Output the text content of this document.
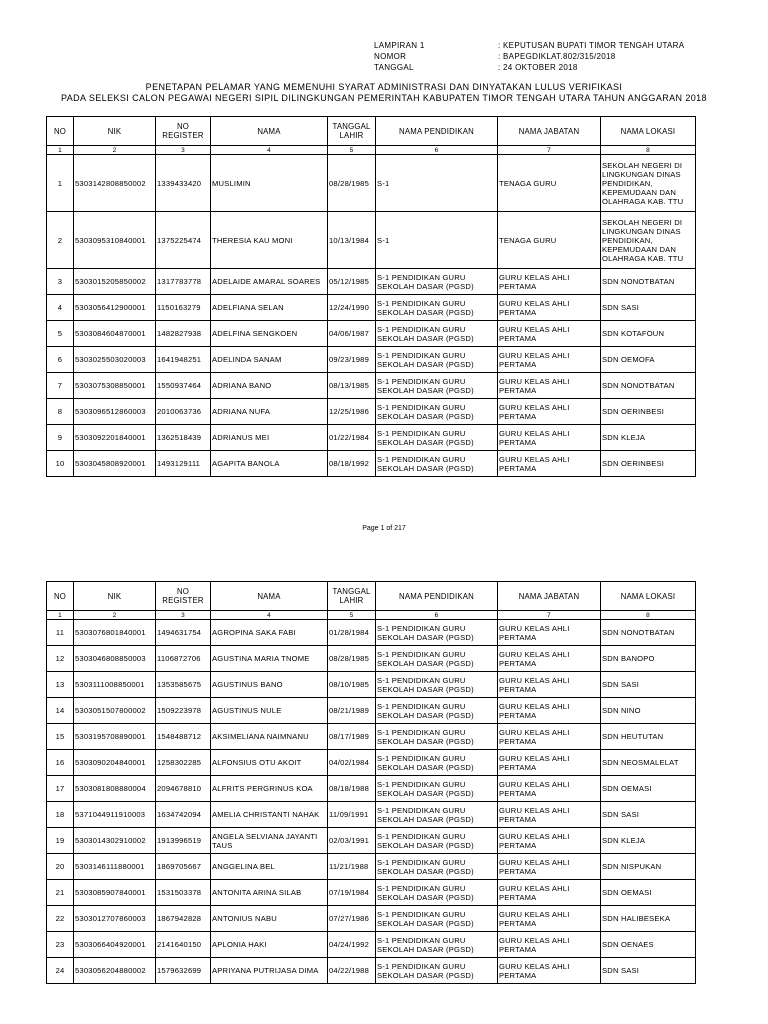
LAMPIRAN 1	: KEPUTUSAN BUPATI TIMOR TENGAH UTARA
NOMOR	: BAPEGDIKLAT.802/315/2018
TANGGAL	: 24 OKTOBER 2018
PENETAPAN PELAMAR YANG MEMENUHI SYARAT ADMINISTRASI DAN DINYATAKAN LULUS VERIFIKASI
PADA SELEKSI CALON PEGAWAI NEGERI SIPIL DILINGKUNGAN PEMERINTAH KABUPATEN TIMOR TENGAH UTARA TAHUN ANGGARAN 2018
NO	NIK	NO REGISTER	NAMA	TANGGAL LAHIR	NAMA PENDIDIKAN	NAMA JABATAN	NAMA LOKASI
1	2	3	4	5	6	7	8
1	5303142808850002	1339433420	MUSLIMIN	08/28/1985	S-1	TENAGA GURU	SEKOLAH NEGERI DI LINGKUNGAN DINAS PENDIDIKAN, KEPEMUDAAN DAN OLAHRAGA KAB. TTU
2	5303095310840001	1375225474	THERESIA KAU MONI	10/13/1984	S-1	TENAGA GURU	SEKOLAH NEGERI DI LINGKUNGAN DINAS PENDIDIKAN, KEPEMUDAAN DAN OLAHRAGA KAB. TTU
3	5303015205850002	1317783778	ADELAIDE AMARAL SOARES	05/12/1985	S-1 PENDIDIKAN GURU SEKOLAH DASAR (PGSD)	GURU KELAS AHLI PERTAMA	SDN NONOTBATAN
4	5303056412900001	1150163279	ADELFIANA SELAN	12/24/1990	S-1 PENDIDIKAN GURU SEKOLAH DASAR (PGSD)	GURU KELAS AHLI PERTAMA	SDN SASI
5	5303084604870001	1482827938	ADELFINA SENGKOEN	04/06/1987	S-1 PENDIDIKAN GURU SEKOLAH DASAR (PGSD)	GURU KELAS AHLI PERTAMA	SDN KOTAFOUN
6	5303025503020003	1641948251	ADELINDA SANAM	09/23/1989	S-1 PENDIDIKAN GURU SEKOLAH DASAR (PGSD)	GURU KELAS AHLI PERTAMA	SDN OEMOFA
7	5303075308850001	1550937464	ADRIANA BANO	08/13/1985	S-1 PENDIDIKAN GURU SEKOLAH DASAR (PGSD)	GURU KELAS AHLI PERTAMA	SDN NONOTBATAN
8	5303096512860003	2010063736	ADRIANA NUFA	12/25/1986	S-1 PENDIDIKAN GURU SEKOLAH DASAR (PGSD)	GURU KELAS AHLI PERTAMA	SDN OERINBESI
9	5303092201840001	1362518439	ADRIANUS MEI	01/22/1984	S-1 PENDIDIKAN GURU SEKOLAH DASAR (PGSD)	GURU KELAS AHLI PERTAMA	SDN KLEJA
10	5303045808920001	1493129111	AGAPITA BANOLA	08/18/1992	S-1 PENDIDIKAN GURU SEKOLAH DASAR (PGSD)	GURU KELAS AHLI PERTAMA	SDN OERINBESI
Page 1 of 217
NO	NIK	NO REGISTER	NAMA	TANGGAL LAHIR	NAMA PENDIDIKAN	NAMA JABATAN	NAMA LOKASI
1	2	3	4	5	6	7	8
11	5303076801840001	1494631754	AGROPINA SAKA FABI	01/28/1984	S-1 PENDIDIKAN GURU SEKOLAH DASAR (PGSD)	GURU KELAS AHLI PERTAMA	SDN NONOTBATAN
12	5303046808850003	1106872706	AGUSTINA MARIA TNOME	08/28/1985	S-1 PENDIDIKAN GURU SEKOLAH DASAR (PGSD)	GURU KELAS AHLI PERTAMA	SDN BANOPO
13	5303111008850001	1353585675	AGUSTINUS BANO	08/10/1985	S-1 PENDIDIKAN GURU SEKOLAH DASAR (PGSD)	GURU KELAS AHLI PERTAMA	SDN SASI
14	5303051507800002	1509223978	AGUSTINUS NULE	08/21/1989	S-1 PENDIDIKAN GURU SEKOLAH DASAR (PGSD)	GURU KELAS AHLI PERTAMA	SDN NINO
15	5303195708890001	1548488712	AKSIMELIANA NAIMNANU	08/17/1989	S-1 PENDIDIKAN GURU SEKOLAH DASAR (PGSD)	GURU KELAS AHLI PERTAMA	SDN HEUTUTAN
16	5303090204840001	1258302285	ALFONSIUS OTU AKOIT	04/02/1984	S-1 PENDIDIKAN GURU SEKOLAH DASAR (PGSD)	GURU KELAS AHLI PERTAMA	SDN NEOSMALELAT
17	5303081808880004	2094678810	ALFRITS PERGRINUS KOA	08/18/1988	S-1 PENDIDIKAN GURU SEKOLAH DASAR (PGSD)	GURU KELAS AHLI PERTAMA	SDN OEMASI
18	5371044911910003	1634742094	AMELIA CHRISTANTI NAHAK	11/09/1991	S-1 PENDIDIKAN GURU SEKOLAH DASAR (PGSD)	GURU KELAS AHLI PERTAMA	SDN SASI
19	5303014302910002	1913996519	ANGELA SELVIANA JAYANTI TAUS	02/03/1991	S-1 PENDIDIKAN GURU SEKOLAH DASAR (PGSD)	GURU KELAS AHLI PERTAMA	SDN KLEJA
20	5303146111880001	1869705667	ANGGELINA BEL	11/21/1988	S-1 PENDIDIKAN GURU SEKOLAH DASAR (PGSD)	GURU KELAS AHLI PERTAMA	SDN NISPUKAN
21	5303085907840001	1531503378	ANTONITA ARINA SILAB	07/19/1984	S-1 PENDIDIKAN GURU SEKOLAH DASAR (PGSD)	GURU KELAS AHLI PERTAMA	SDN OEMASI
22	5303012707860003	1867942828	ANTONIUS NABU	07/27/1986	S-1 PENDIDIKAN GURU SEKOLAH DASAR (PGSD)	GURU KELAS AHLI PERTAMA	SDN HALIBESEKA
23	5303066404920001	2141640150	APLONIA HAKI	04/24/1992	S-1 PENDIDIKAN GURU SEKOLAH DASAR (PGSD)	GURU KELAS AHLI PERTAMA	SDN OENAES
24	5303056204880002	1579632699	APRIYANA PUTRIJASA DIMA	04/22/1988	S-1 PENDIDIKAN GURU SEKOLAH DASAR (PGSD)	GURU KELAS AHLI PERTAMA	SDN SASI
